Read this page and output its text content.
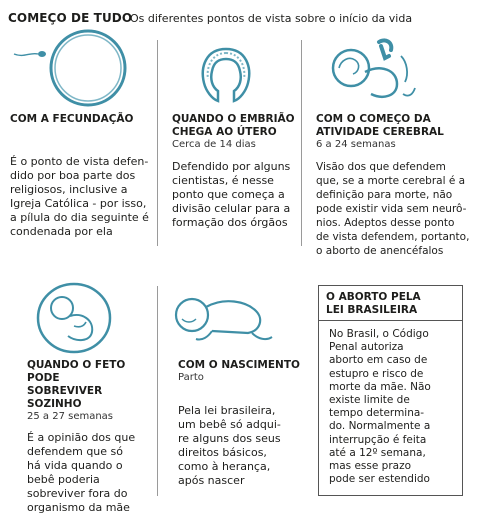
COMEÇO DE TUDO
Os diferentes pontos de vista sobre o início da vida
COM A FECUNDAÇÃO
É o ponto de vista defen-
dido por boa parte dos
religiosos, inclusive a
Igreja Católica - por isso,
a pílula do dia seguinte é
condenada por ela
QUANDO O EMBRIÃO
CHEGA AO ÚTERO
Cerca de 14 dias
Defendido por alguns
cientistas, é nesse
ponto que começa a
divisão celular para a
formação dos órgãos
COM O COMEÇO DA
ATIVIDADE CEREBRAL
6 a 24 semanas
Visão dos que defendem
que, se a morte cerebral é a
definição para morte, não
pode existir vida sem neurô-
nios. Adeptos desse ponto
de vista defendem, portanto,
o aborto de anencéfalos
QUANDO O FETO PODE
SOBREVIVER SOZINHO
25 a 27 semanas
É a opinião dos que
defendem que só
há vida quando o
bebê poderia
sobreviver fora do
organismo da mãe
COM O NASCIMENTO
Parto
Pela lei brasileira,
um bebê só adqui-
re alguns dos seus
direitos básicos,
como à herança,
após nascer
O ABORTO PELA
LEI BRASILEIRA
No Brasil, o Código
Penal autoriza
aborto em caso de
estupro e risco de
morte da mãe. Não
existe limite de
tempo determina-
do. Normalmente a
interrupção é feita
até a 12º semana,
mas esse prazo
pode ser estendido
